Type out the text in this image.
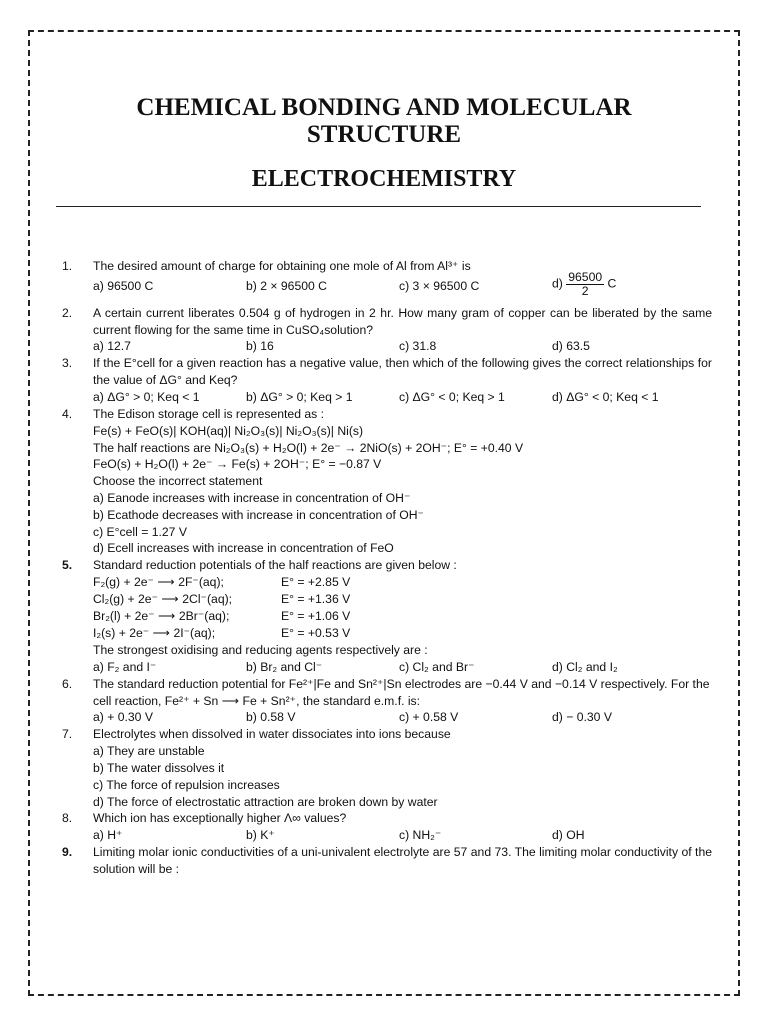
CHEMICAL BONDING AND MOLECULAR
STRUCTURE
ELECTROCHEMISTRY
1. The desired amount of charge for obtaining one mole of Al from Al³⁺ is
a) 96500 C	b) 2 × 96500 C	c) 3 × 96500 C	$d) \frac{96500}{2}$ C
2. A certain current liberates 0.504 g of hydrogen in 2 hr. How many gram of copper can be liberated by the same current flowing for the same time in CuSO₄solution?
a) 12.7	b) 16	c) 31.8	d) 63.5
3. If the E°cell for a given reaction has a negative value, then which of the following gives the correct relationships for the value of ΔG° and Keq?
a) ΔG° > 0; Keq < 1	b) ΔG° > 0; Keq > 1	c) ΔG° < 0; Keq > 1	d) ΔG° < 0; Keq < 1
4. The Edison storage cell is represented as :
Fe(s) + FeO(s)| KOH(aq)| Ni₂O₃(s)| Ni₂O₃(s)| Ni(s)
The half reactions are Ni₂O₃(s) + H₂O(l) + 2e⁻ → 2NiO(s) + 2OH⁻; E° = +0.40 V
FeO(s) + H₂O(l) + 2e⁻ → Fe(s) + 2OH⁻; E° = −0.87 V
Choose the incorrect statement
a) Eanode increases with increase in concentration of OH⁻
b) Ecathode decreases with increase in concentration of OH⁻
c) E°cell = 1.27 V
d) Ecell increases with increase in concentration of FeO
5. Standard reduction potentials of the half reactions are given below :
F₂(g) + 2e⁻ ⟶ 2F⁻(aq);	E° = +2.85 V
Cl₂(g) + 2e⁻ ⟶ 2Cl⁻(aq);	E° = +1.36 V
Br₂(l) + 2e⁻ ⟶ 2Br⁻(aq);	E° = +1.06 V
I₂(s) + 2e⁻ ⟶ 2I⁻(aq);	E° = +0.53 V
The strongest oxidising and reducing agents respectively are :
a) F₂ and I⁻	b) Br₂ and Cl⁻	c) Cl₂ and Br⁻	d) Cl₂ and I₂
6. The standard reduction potential for Fe²⁺|Fe and Sn²⁺|Sn electrodes are −0.44 V and −0.14 V respectively. For the cell reaction, Fe²⁺ + Sn ⟶ Fe + Sn²⁺, the standard e.m.f. is:
a) + 0.30 V	b) 0.58 V	c) + 0.58 V	d) − 0.30 V
7. Electrolytes when dissolved in water dissociates into ions because
a) They are unstable
b) The water dissolves it
c) The force of repulsion increases
d) The force of electrostatic attraction are broken down by water
8. Which ion has exceptionally higher Λ∞ values?
a) H⁺	b) K⁺	c) NH₂⁻	d) OH
9. Limiting molar ionic conductivities of a uni-univalent electrolyte are 57 and 73. The limiting molar conductivity of the solution will be :
